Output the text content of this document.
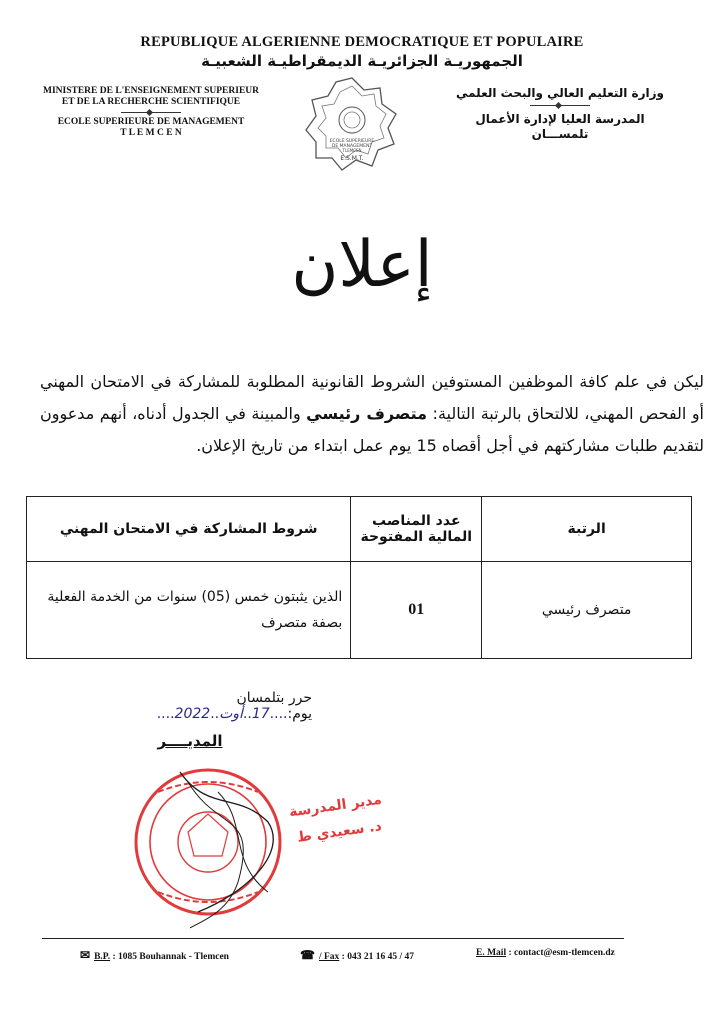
REPUBLIQUE ALGERIENNE DEMOCRATIQUE ET POPULAIRE
الجمهوريـة الجزائريـة الديمقراطيـة الشعبيـة
MINISTERE DE L'ENSEIGNEMENT SUPERIEUR
ET DE LA RECHERCHE SCIENTIFIQUE
ECOLE SUPERIEURE DE MANAGEMENT
T L E M C E N
ECOLE SUPERIEURE
DE MANAGEMENT
TLEMCEN
E.S.M.T.
وزارة التعليم العالي والبحث العلمي
المدرسة العليا لإدارة الأعمال
تلمســـان
إعلان
ليكن في علم كافة الموظفين المستوفين الشروط القانونية المطلوبة للمشاركة في الامتحان المهني أو الفحص المهني، للالتحاق بالرتبة التالية: متصرف رئيسي والمبينة في الجدول أدناه، أنهم مدعوون لتقديم طلبات مشاركتهم في أجل أقصاه 15 يوم عمل ابتداء من تاريخ الإعلان.
الرتبة	عدد المناصب المالية المفتوحة	شروط المشاركة في الامتحان المهني
متصرف رئيسي	01	الذين يثبتون خمس (05) سنوات من الخدمة الفعلية بصفة متصرف
حرر بتلمسان يوم:....17..أوت..2022....
المديــــر
مدير المدرسة
د. سعيدي ط
✉ B.P. : 1085 Bouhannak - Tlemcen	☎ / Fax : 043 21 16 45 / 47	E. Mail : contact@esm-tlemcen.dz
